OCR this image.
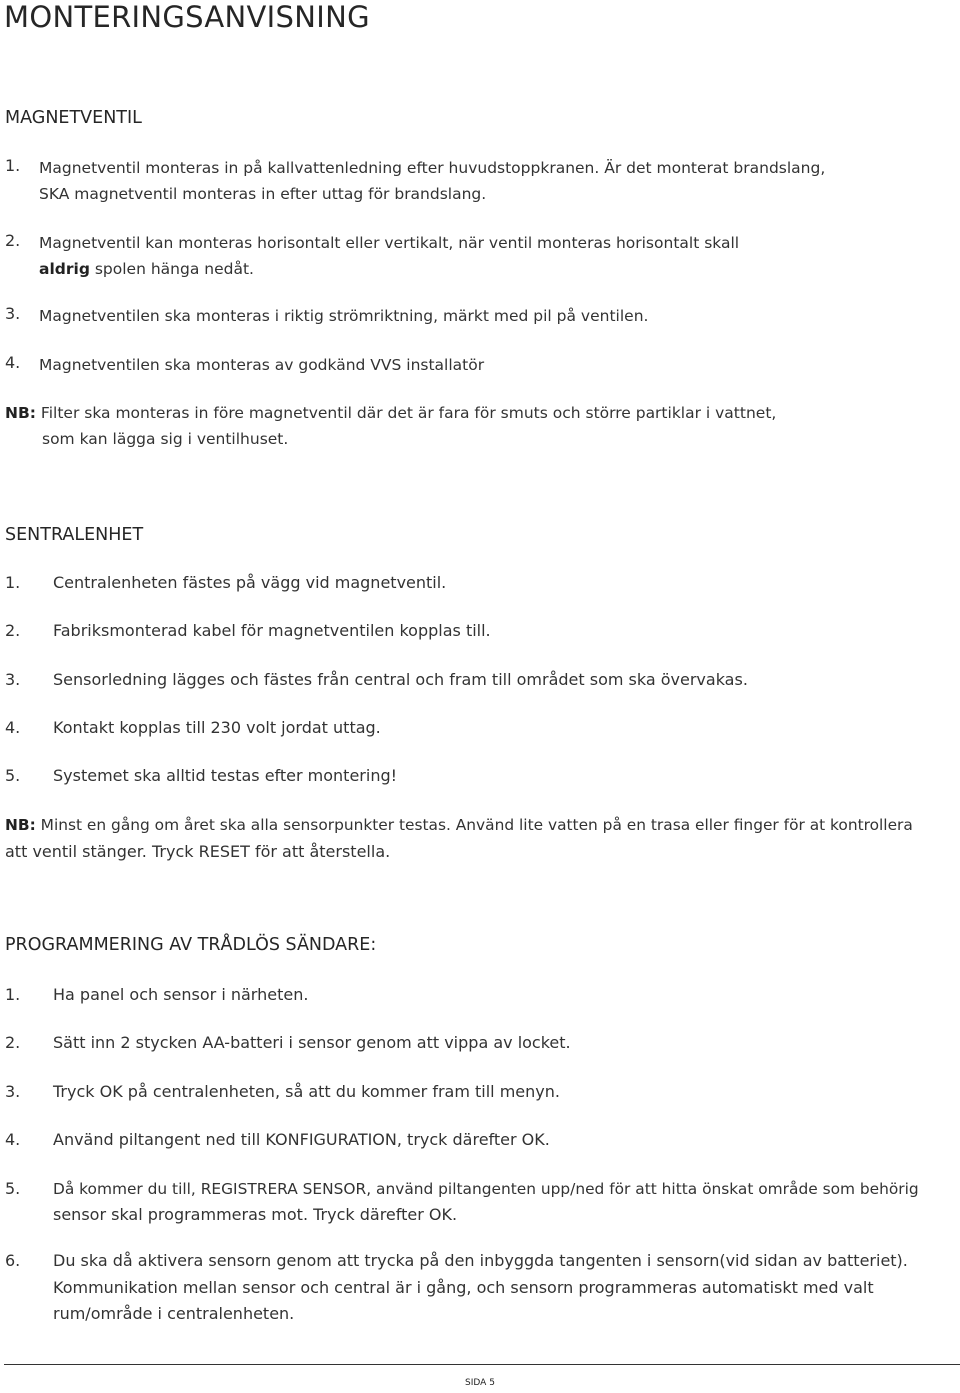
MONTERINGSANVISNING
MAGNETVENTIL
1. Magnetventil monteras in på kallvattenledning efter huvudstoppkranen. Är det monterat brandslang,
SKA magnetventil monteras in efter uttag för brandslang.
2. Magnetventil kan monteras horisontalt eller vertikalt, när ventil monteras horisontalt skall
aldrig spolen hänga nedåt.
3. Magnetventilen ska monteras i riktig strömriktning, märkt med pil på ventilen.
4. Magnetventilen ska monteras av godkänd VVS installatör
NB: Filter ska monteras in före magnetventil där det är fara för smuts och större partiklar i vattnet,
som kan lägga sig i ventilhuset.
SENTRALENHET
1. Centralenheten fästes på vägg vid magnetventil.
2. Fabriksmonterad kabel för magnetventilen kopplas till.
3. Sensorledning lägges och fästes från central och fram till området som ska övervakas.
4. Kontakt kopplas till 230 volt jordat uttag.
5. Systemet ska alltid testas efter montering!
NB: Minst en gång om året ska alla sensorpunkter testas. Använd lite vatten på en trasa eller finger för at kontrollera
att ventil stänger. Tryck RESET för att återstella.
PROGRAMMERING AV TRÅDLÖS SÄNDARE:
1. Ha panel och sensor i närheten.
2. Sätt inn 2 stycken AA-batteri i sensor genom att vippa av locket.
3. Tryck OK på centralenheten, så att du kommer fram till menyn.
4. Använd piltangent ned till KONFIGURATION, tryck därefter OK.
5. Då kommer du till, REGISTRERA SENSOR, använd piltangenten upp/ned för att hitta önskat område som behörig
sensor skal programmeras mot. Tryck därefter OK.
6. Du ska då aktivera sensorn genom att trycka på den inbyggda tangenten i sensorn(vid sidan av batteriet).
Kommunikation mellan sensor och central är i gång, och sensorn programmeras automatiskt med valt
rum/område i centralenheten.
SIDA 5
